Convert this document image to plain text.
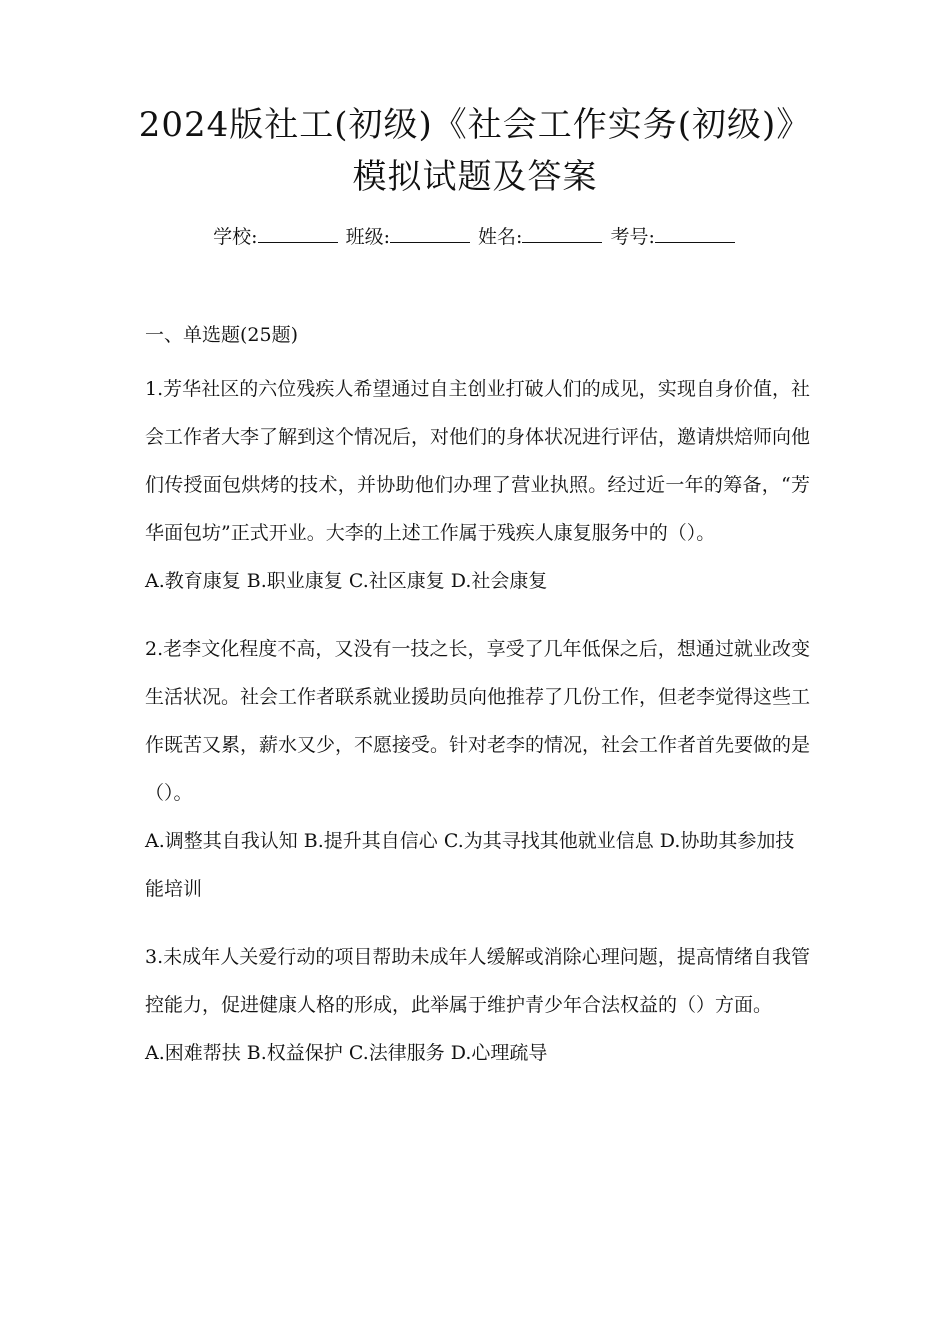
2024版社工(初级)《社会工作实务(初级)》
模拟试题及答案
学校:	班级:	姓名:	考号:

一、单选题(25题)

1.芳华社区的六位残疾人希望通过自主创业打破人们的成见，实现自身价值，社会工作者大李了解到这个情况后，对他们的身体状况进行评估，邀请烘焙师向他们传授面包烘烤的技术，并协助他们办理了营业执照。经过近一年的筹备，“芳华面包坊”正式开业。大李的上述工作属于残疾人康复服务中的（）。

A.教育康复 B.职业康复 C.社区康复 D.社会康复

2.老李文化程度不高，又没有一技之长，享受了几年低保之后，想通过就业改变生活状况。社会工作者联系就业援助员向他推荐了几份工作，但老李觉得这些工作既苦又累，薪水又少，不愿接受。针对老李的情况，社会工作者首先要做的是（）。

A.调整其自我认知 B.提升其自信心 C.为其寻找其他就业信息 D.协助其参加技能培训

3.未成年人关爱行动的项目帮助未成年人缓解或消除心理问题，提高情绪自我管控能力，促进健康人格的形成，此举属于维护青少年合法权益的（）方面。

A.困难帮扶 B.权益保护 C.法律服务 D.心理疏导
